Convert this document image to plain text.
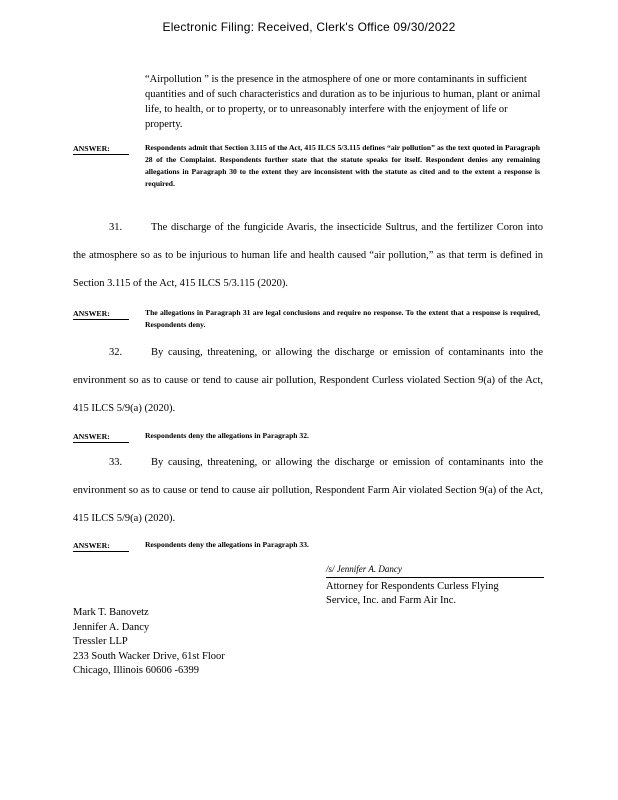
Electronic Filing: Received, Clerk's Office 09/30/2022
“Airpollution ” is the presence in the atmosphere of one or more contaminants in sufficient quantities and of such characteristics and duration as to be injurious to human, plant or animal life, to health, or to property, or to unreasonably interfere with the enjoyment of life or property.
ANSWER:	Respondents admit that Section 3.115 of the Act, 415 ILCS 5/3.115 defines “air pollution” as the text quoted in Paragraph 28 of the Complaint. Respondents further state that the statute speaks for itself. Respondent denies any remaining allegations in Paragraph 30 to the extent they are inconsistent with the statute as cited and to the extent a response is required.
31.	The discharge of the fungicide Avaris, the insecticide Sultrus, and the fertilizer Coron into the atmosphere so as to be injurious to human life and health caused “air pollution,” as that term is defined in Section 3.115 of the Act, 415 ILCS 5/3.115 (2020).
ANSWER:	The allegations in Paragraph 31 are legal conclusions and require no response. To the extent that a response is required, Respondents deny.
32.	By causing, threatening, or allowing the discharge or emission of contaminants into the environment so as to cause or tend to cause air pollution, Respondent Curless violated Section 9(a) of the Act, 415 ILCS 5/9(a) (2020).
ANSWER:	Respondents deny the allegations in Paragraph 32.
33.	By causing, threatening, or allowing the discharge or emission of contaminants into the environment so as to cause or tend to cause air pollution, Respondent Farm Air violated Section 9(a) of the Act, 415 ILCS 5/9(a) (2020).
ANSWER:	Respondents deny the allegations in Paragraph 33.
/s/ Jennifer A. Dancy
Attorney for Respondents Curless Flying
Service, Inc. and Farm Air Inc.
Mark T. Banovetz
Jennifer A. Dancy
Tressler LLP
233 South Wacker Drive, 61st Floor
Chicago, Illinois 60606 -6399
